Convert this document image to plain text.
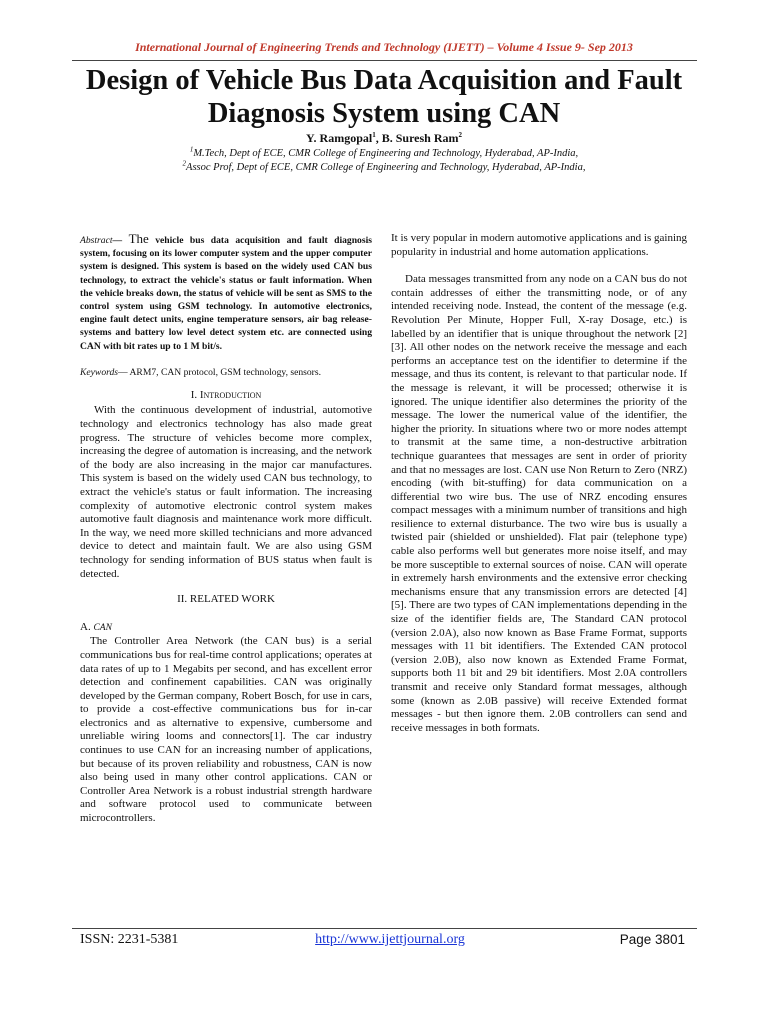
International Journal of Engineering Trends and Technology (IJETT) – Volume 4 Issue 9- Sep 2013
Design of Vehicle Bus Data Acquisition and Fault
Diagnosis System using CAN
Y. Ramgopal$^1$, B. Suresh Ram$^2$
$^1$M.Tech, Dept of ECE, CMR College of Engineering and Technology, Hyderabad, AP-India,
$^2$Assoc Prof, Dept of ECE, CMR College of Engineering and Technology, Hyderabad, AP-India,

Abstract— The vehicle bus data acquisition and fault diagnosis system, focusing on its lower computer system and the upper computer system is designed. This system is based on the widely used CAN bus technology, to extract the vehicle's status or fault information. When the vehicle breaks down, the status of vehicle will be sent as SMS to the control system using GSM technology. In automotive electronics, engine fault detect units, engine temperature sensors, air bag release-systems and battery low level detect system etc. are connected using CAN with bit rates up to 1 M bit/s.

Keywords— ARM7, CAN protocol, GSM technology, sensors.

I. Introduction

With the continuous development of industrial, automotive technology and electronics technology has also made great progress. The structure of vehicles become more complex, increasing the degree of automation is increasing, and the network of the body are also increasing in the major car manufactures. This system is based on the widely used CAN bus technology, to extract the vehicle's status or fault information. The increasing complexity of automotive electronic control system makes automotive fault diagnosis and maintenance work more difficult. In the way, we need more skilled technicians and more advanced device to detect and maintain fault. We are also using GSM technology for sending information of BUS status when fault is detected.

II. RELATED WORK

A. CAN

The Controller Area Network (the CAN bus) is a serial communications bus for real-time control applications; operates at data rates of up to 1 Megabits per second, and has excellent error detection and confinement capabilities. CAN was originally developed by the German company, Robert Bosch, for use in cars, to provide a cost-effective communications bus for in-car electronics and as alternative to expensive, cumbersome and unreliable wiring looms and connectors[1]. The car industry continues to use CAN for an increasing number of applications, but because of its proven reliability and robustness, CAN is now also being used in many other control applications. CAN or Controller Area Network is a robust industrial strength hardware and software protocol used to communicate between microcontrollers.

It is very popular in modern automotive applications and is gaining popularity in industrial and home automation applications.

Data messages transmitted from any node on a CAN bus do not contain addresses of either the transmitting node, or of any intended receiving node. Instead, the content of the message (e.g. Revolution Per Minute, Hopper Full, X-ray Dosage, etc.) is labelled by an identifier that is unique throughout the network [2] [3]. All other nodes on the network receive the message and each performs an acceptance test on the identifier to determine if the message, and thus its content, is relevant to that particular node. If the message is relevant, it will be processed; otherwise it is ignored. The unique identifier also determines the priority of the message. The lower the numerical value of the identifier, the higher the priority. In situations where two or more nodes attempt to transmit at the same time, a non-destructive arbitration technique guarantees that messages are sent in order of priority and that no messages are lost. CAN use Non Return to Zero (NRZ) encoding (with bit-stuffing) for data communication on a differential two wire bus. The use of NRZ encoding ensures compact messages with a minimum number of transitions and high resilience to external disturbance. The two wire bus is usually a twisted pair (shielded or unshielded). Flat pair (telephone type) cable also performs well but generates more noise itself, and may be more susceptible to external sources of noise. CAN will operate in extremely harsh environments and the extensive error checking mechanisms ensure that any transmission errors are detected [4] [5]. There are two types of CAN implementations depending in the size of the identifier fields are, The Standard CAN protocol (version 2.0A), also now known as Base Frame Format, supports messages with 11 bit identifiers. The Extended CAN protocol (version 2.0B), also now known as Extended Frame Format, supports both 11 bit and 29 bit identifiers. Most 2.0A controllers transmit and receive only Standard format messages, although some (known as 2.0B passive) will receive Extended format messages - but then ignore them. 2.0B controllers can send and receive messages in both formats.

ISSN: 2231-5381	http://www.ijettjournal.org	Page 3801
